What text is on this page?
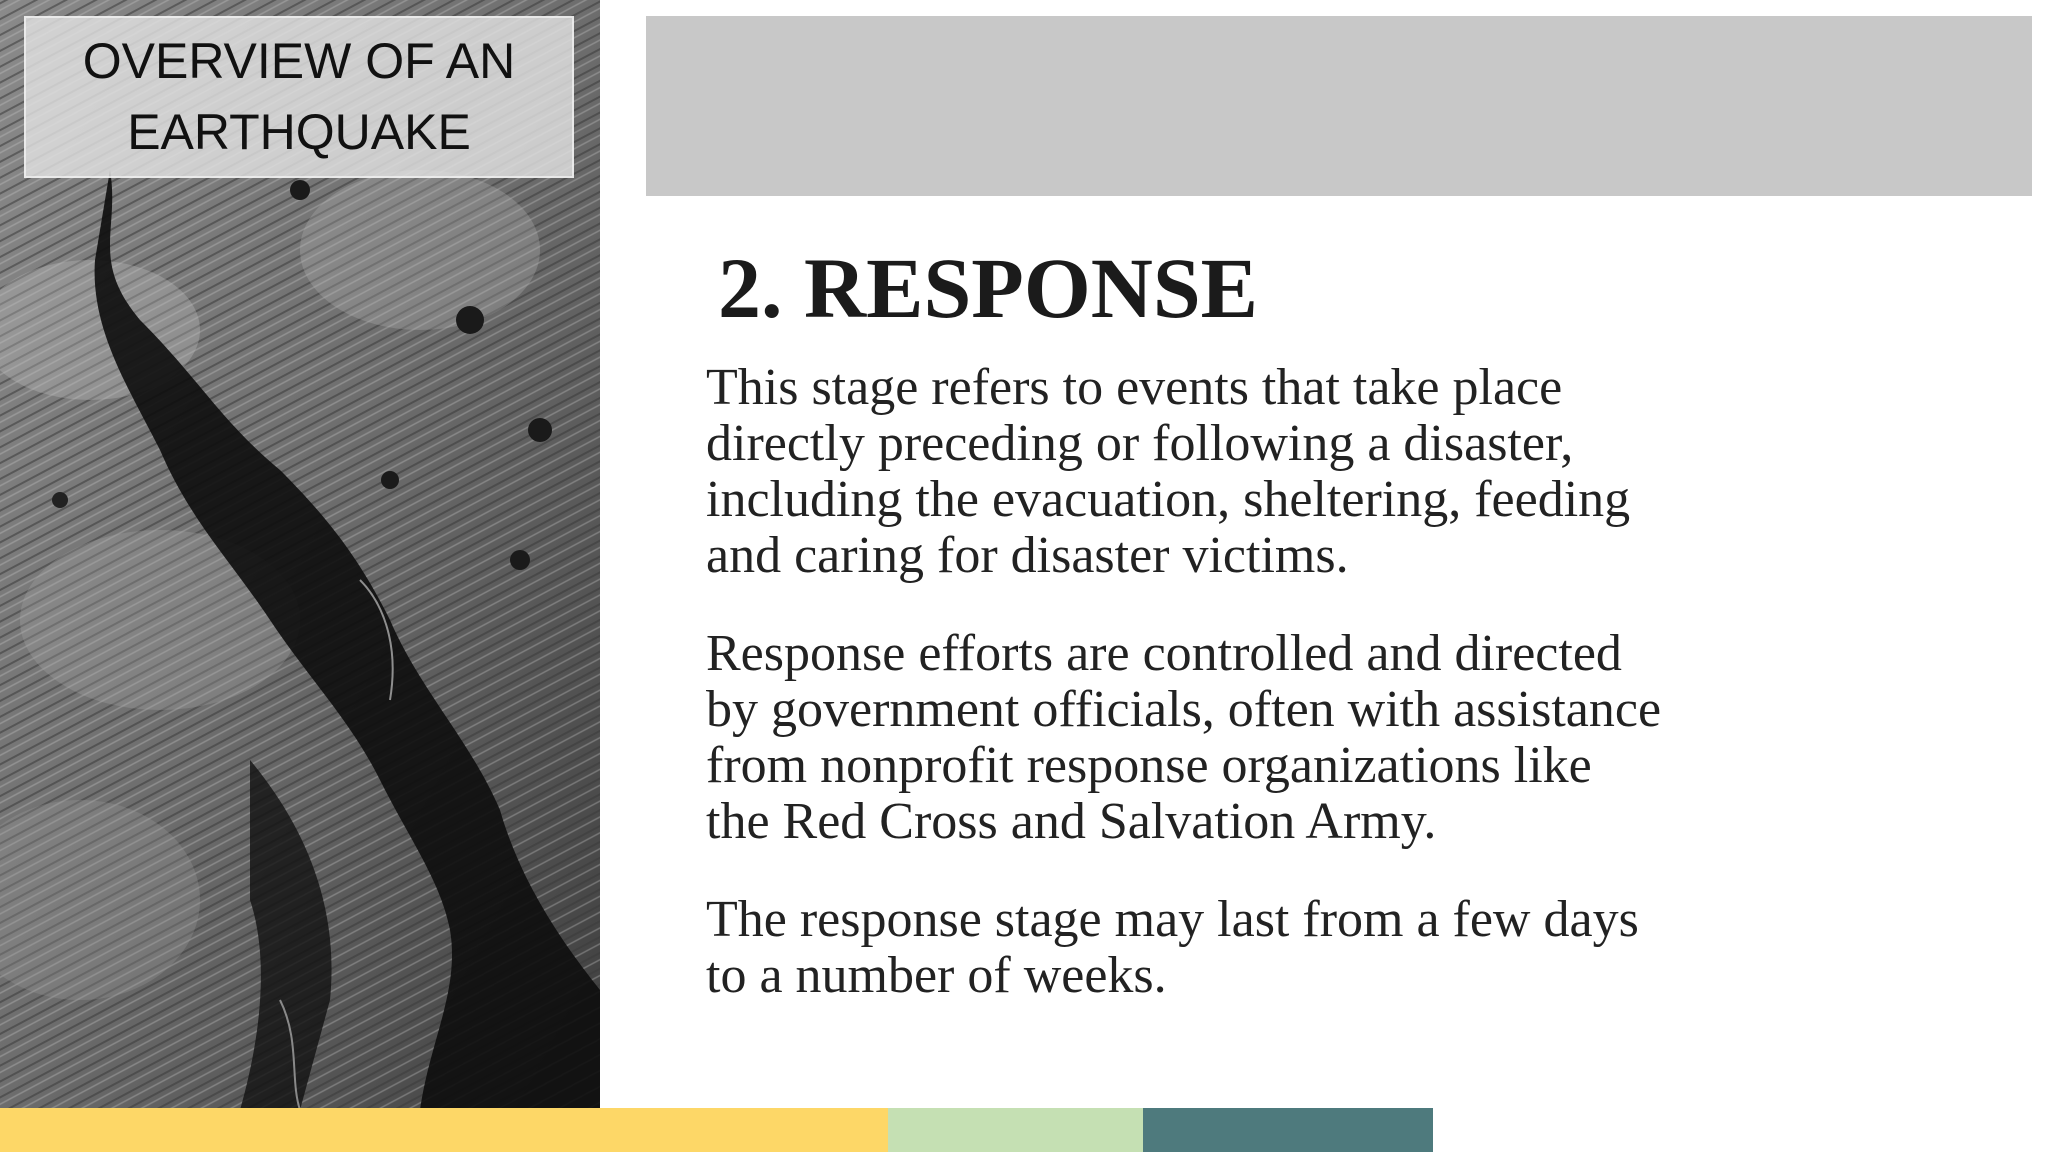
OVERVIEW OF AN
EARTHQUAKE
2. RESPONSE

This stage refers to events that take place
directly preceding or following a disaster,
including the evacuation, sheltering, feeding
and caring for disaster victims.

Response efforts are controlled and directed
by government officials, often with assistance
from nonprofit response organizations like
the Red Cross and Salvation Army.

The response stage may last from a few days
to a number of weeks.
